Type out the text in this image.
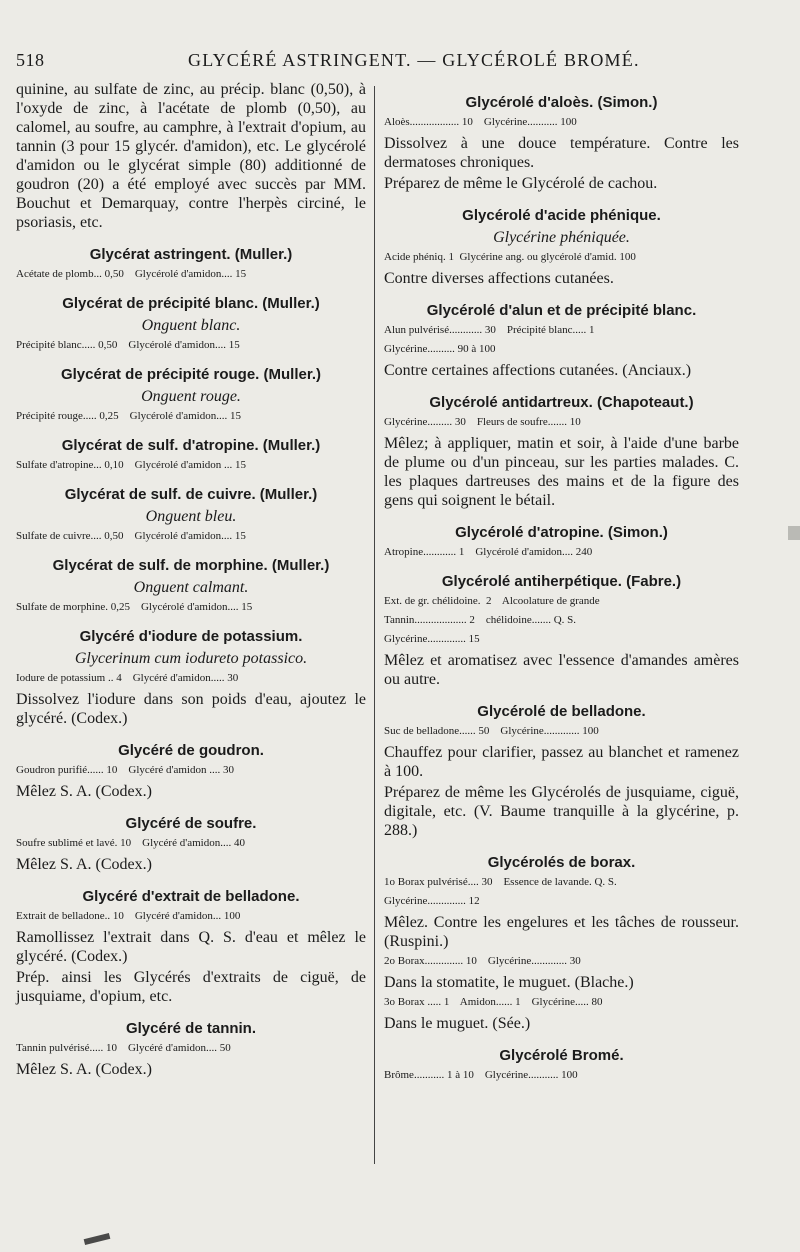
518	GLYCÉRÉ ASTRINGENT. — GLYCÉROLÉ BROMÉ.
quinine, au sulfate de zinc, au précip. blanc (0,50), à l'oxyde de zinc, à l'acétate de plomb (0,50), au calomel, au soufre, au camphre, à l'extrait d'opium, au tannin (3 pour 15 glycér. d'amidon), etc. Le glycérolé d'amidon ou le glycérat simple (80) additionné de goudron (20) a été employé avec succès par MM. Bouchut et Demarquay, contre l'herpès circiné, le psoriasis, etc.
Glycérat astringent. (Muller.)
Acétate de plomb... 0,50    Glycérolé d'amidon.... 15
Glycérat de précipité blanc. (Muller.)
Onguent blanc.
Précipité blanc..... 0,50    Glycérolé d'amidon.... 15
Glycérat de précipité rouge. (Muller.)
Onguent rouge.
Précipité rouge..... 0,25    Glycérolé d'amidon.... 15
Glycérat de sulf. d'atropine. (Muller.)
Sulfate d'atropine... 0,10    Glycérolé d'amidon ... 15
Glycérat de sulf. de cuivre. (Muller.)
Onguent bleu.
Sulfate de cuivre.... 0,50    Glycérolé d'amidon.... 15
Glycérat de sulf. de morphine. (Muller.)
Onguent calmant.
Sulfate de morphine. 0,25    Glycérolé d'amidon.... 15
Glycéré d'iodure de potassium.
Glycerinum cum iodureto potassico.
Iodure de potassium .. 4    Glycéré d'amidon..... 30
Dissolvez l'iodure dans son poids d'eau, ajoutez le glycéré. (Codex.)
Glycéré de goudron.
Goudron purifié...... 10    Glycéré d'amidon .... 30
Mêlez S. A. (Codex.)
Glycéré de soufre.
Soufre sublimé et lavé. 10    Glycéré d'amidon.... 40
Mêlez S. A. (Codex.)
Glycéré d'extrait de belladone.
Extrait de belladone.. 10    Glycéré d'amidon... 100
Ramollissez l'extrait dans Q. S. d'eau et mêlez le glycéré. (Codex.)
Prép. ainsi les Glycérés d'extraits de ciguë, de jusquiame, d'opium, etc.
Glycéré de tannin.
Tannin pulvérisé..... 10    Glycéré d'amidon.... 50
Mêlez S. A. (Codex.)
Glycérolé d'aloès. (Simon.)
Aloès.................. 10    Glycérine........... 100
Dissolvez à une douce température. Contre les dermatoses chroniques.
Préparez de même le Glycérolé de cachou.
Glycérolé d'acide phénique.
Glycérine phéniquée.
Acide phéniq. 1  Glycérine ang. ou glycérolé d'amid. 100
Contre diverses affections cutanées.
Glycérolé d'alun et de précipité blanc.
Alun pulvérisé............ 30    Précipité blanc..... 1
Glycérine.......... 90 à 100
Contre certaines affections cutanées. (Anciaux.)
Glycérolé antidartreux. (Chapoteaut.)
Glycérine......... 30    Fleurs de soufre....... 10
Mêlez; à appliquer, matin et soir, à l'aide d'une barbe de plume ou d'un pinceau, sur les parties malades. C. les plaques dartreuses des mains et de la figure des gens qui soignent le bétail.
Glycérolé d'atropine. (Simon.)
Atropine............ 1    Glycérolé d'amidon.... 240
Glycérolé antiherpétique. (Fabre.)
Ext. de gr. chélidoine.  2    Alcoolature de grande
Tannin................... 2    chélidoine....... Q. S.
Glycérine.............. 15
Mêlez et aromatisez avec l'essence d'amandes amères ou autre.
Glycérolé de belladone.
Suc de belladone...... 50    Glycérine............. 100
Chauffez pour clarifier, passez au blanchet et ramenez à 100.
Préparez de même les Glycérolés de jusquiame, ciguë, digitale, etc. (V. Baume tranquille à la glycérine, p. 288.)
Glycérolés de borax.
1o Borax pulvérisé.... 30    Essence de lavande. Q. S.
Glycérine.............. 12
Mêlez. Contre les engelures et les tâches de rousseur. (Ruspini.)
2o Borax.............. 10    Glycérine............. 30
Dans la stomatite, le muguet. (Blache.)
3o Borax ..... 1    Amidon...... 1    Glycérine..... 80
Dans le muguet. (Sée.)
Glycérolé Bromé.
Brôme........... 1 à 10    Glycérine........... 100
